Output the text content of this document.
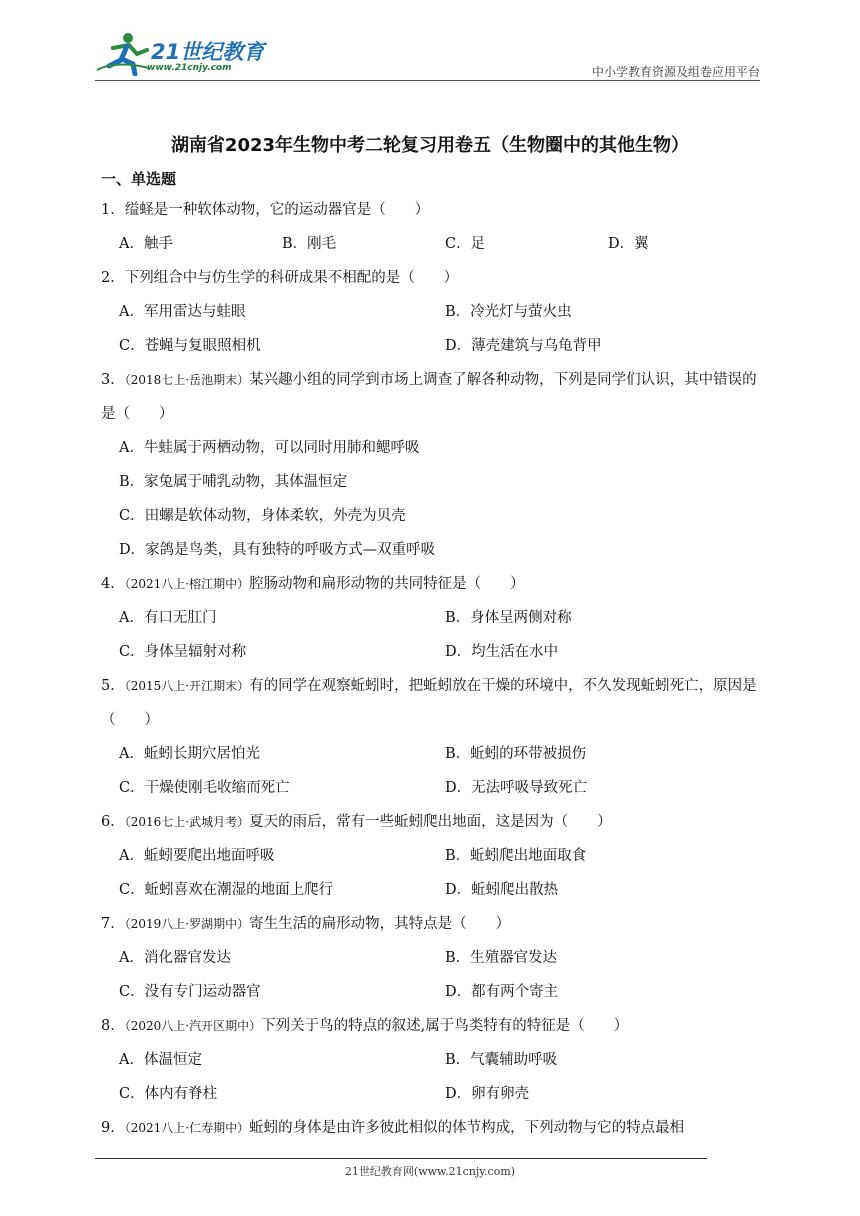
21世纪教育
www.21cnjy.com	中小学教育资源及组卷应用平台
湖南省2023年生物中考二轮复习用卷五（生物圈中的其他生物）
一、单选题
1．缢蛏是一种软体动物，它的运动器官是（　　）
A．触手	B．刚毛	C．足	D．翼
2．下列组合中与仿生学的科研成果不相配的是（　　）
A．军用雷达与蛙眼	B．冷光灯与萤火虫
C．苍蝇与复眼照相机	D．薄壳建筑与乌龟背甲
3．（2018七上·岳池期末）某兴趣小组的同学到市场上调查了解各种动物，下列是同学们认识，其中错误的是（　　）
A．牛蛙属于两栖动物，可以同时用肺和鳃呼吸
B．家兔属于哺乳动物，其体温恒定
C．田螺是软体动物，身体柔软，外壳为贝壳
D．家鸽是鸟类，具有独特的呼吸方式—双重呼吸
4．（2021八上·榕江期中）腔肠动物和扁形动物的共同特征是（　　）
A．有口无肛门	B．身体呈两侧对称
C．身体呈辐射对称	D．均生活在水中
5．（2015八上·开江期末）有的同学在观察蚯蚓时，把蚯蚓放在干燥的环境中，不久发现蚯蚓死亡，原因是（　　）
A．蚯蚓长期穴居怕光	B．蚯蚓的环带被损伤
C．干燥使刚毛收缩而死亡	D．无法呼吸导致死亡
6．（2016七上·武城月考）夏天的雨后，常有一些蚯蚓爬出地面，这是因为（　　）
A．蚯蚓要爬出地面呼吸	B．蚯蚓爬出地面取食
C．蚯蚓喜欢在潮湿的地面上爬行	D．蚯蚓爬出散热
7．（2019八上·罗湖期中）寄生生活的扁形动物，其特点是（　　）
A．消化器官发达	B．生殖器官发达
C．没有专门运动器官	D．都有两个寄主
8．（2020八上·汽开区期中）下列关于鸟的特点的叙述,属于鸟类特有的特征是（　　）
A．体温恒定	B．气囊辅助呼吸
C．体内有脊柱	D．卵有卵壳
9．（2021八上·仁寿期中）蚯蚓的身体是由许多彼此相似的体节构成，下列动物与它的特点最相
21世纪教育网(www.21cnjy.com)
